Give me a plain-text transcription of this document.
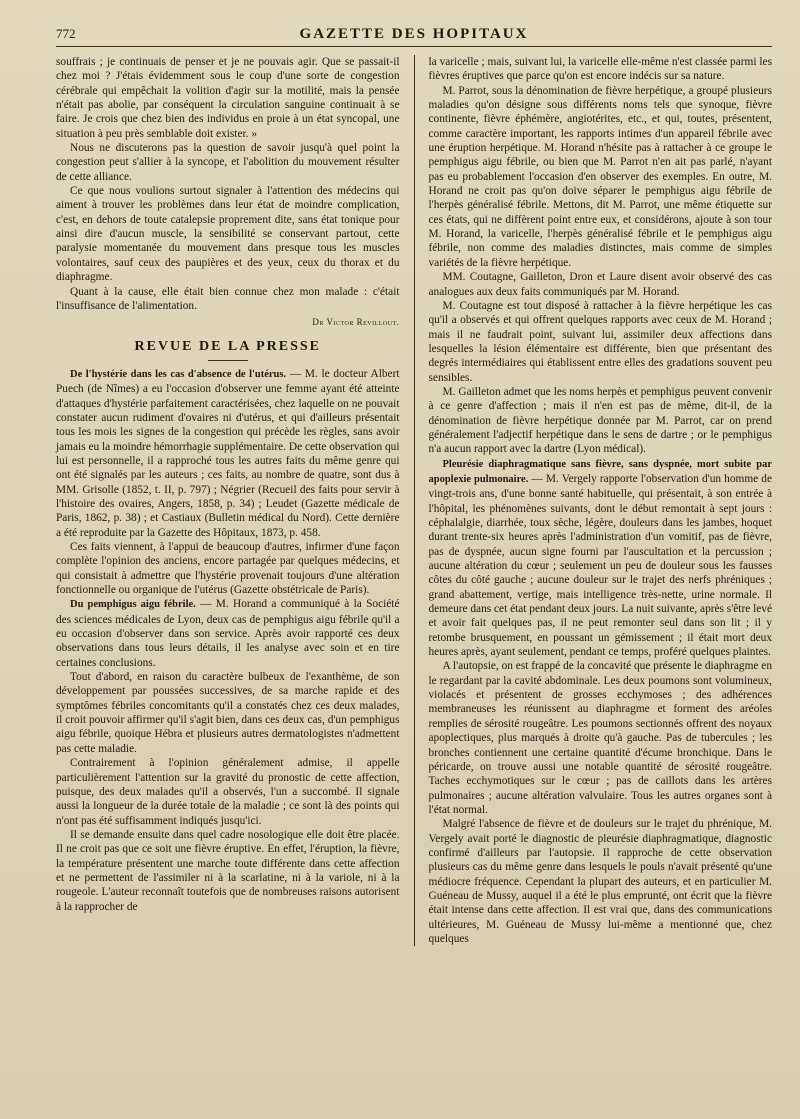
772	GAZETTE DES HOPITAUX

souffrais ; je continuais de penser et je ne pouvais agir. Que se passait-il chez moi ? J'étais évidemment sous le coup d'une sorte de congestion cérébrale qui empêchait la volition d'agir sur la motilité, mais la pensée n'était pas abolie, par conséquent la circulation sanguine continuait à se faire. Je crois que chez bien des individus en proie à un état syncopal, une situation à peu près semblable doit exister. »

Nous ne discuterons pas la question de savoir jusqu'à quel point la congestion peut s'allier à la syncope, et l'abolition du mouvement résulter de cette alliance.

Ce que nous voulions surtout signaler à l'attention des médecins qui aiment à trouver les problèmes dans leur état de moindre complication, c'est, en dehors de toute catalepsie proprement dite, sans état tonique pour ainsi dire d'aucun muscle, la sensibilité se conservant partout, cette paralysie momentanée du mouvement dans presque tous les muscles volontaires, sauf ceux des paupières et des yeux, ceux du thorax et du diaphragme.

Quant à la cause, elle était bien connue chez mon malade : c'était l'insuffisance de l'alimentation.

Dr Victor Revillout.
REVUE DE LA PRESSE

De l'hystérie dans les cas d'absence de l'utérus. — M. le docteur Albert Puech (de Nîmes) a eu l'occasion d'observer une femme ayant été atteinte d'attaques d'hystérie parfaitement caractérisées, chez laquelle on ne pouvait constater aucun rudiment d'ovaires ni d'utérus, et qui d'ailleurs présentait tous les mois les signes de la congestion qui précède les règles, sans avoir jamais eu la moindre hémorrhagie supplémentaire. De cette observation qui lui est personnelle, il a rapproché tous les autres faits du même genre qui ont été signalés par les auteurs ; ces faits, au nombre de quatre, sont dus à MM. Grisolle (1852, t. II, p. 797) ; Négrier (Recueil des faits pour servir à l'histoire des ovaires, Angers, 1858, p. 34) ; Leudet (Gazette médicale de Paris, 1862, p. 38) ; et Castiaux (Bulletin médical du Nord). Cette dernière a été reproduite par la Gazette des Hôpitaux, 1873, p. 458.

Ces faits viennent, à l'appui de beaucoup d'autres, infirmer d'une façon complète l'opinion des anciens, encore partagée par quelques médecins, et qui consistait à admettre que l'hystérie provenait toujours d'une altération fonctionnelle ou organique de l'utérus (Gazette obstétricale de Paris).

Du pemphigus aigu fébrile. — M. Horand a communiqué à la Société des sciences médicales de Lyon, deux cas de pemphigus aigu fébrile qu'il a eu occasion d'observer dans son service. Après avoir rapporté ces deux observations dans tous leurs détails, il les analyse avec soin et en tire certaines conclusions.

Tout d'abord, en raison du caractère bulbeux de l'exanthème, de son développement par poussées successives, de sa marche rapide et des symptômes fébriles concomitants qu'il a constatés chez ces deux malades, il croit pouvoir affirmer qu'il s'agit bien, dans ces deux cas, d'un pemphigus aigu fébrile, quoique Hébra et plusieurs autres dermatologistes n'admettent pas cette maladie.

Contrairement à l'opinion généralement admise, il appelle particulièrement l'attention sur la gravité du pronostic de cette affection, puisque, des deux malades qu'il a observés, l'un a succombé. Il signale aussi la longueur de la durée totale de la maladie ; ce sont là des points qui n'ont pas été suffisamment indiqués jusqu'ici.

Il se demande ensuite dans quel cadre nosologique elle doit être placée. Il ne croit pas que ce soit une fièvre éruptive. En effet, l'éruption, la fièvre, la température présentent une marche toute différente dans cette affection et ne permettent de l'assimiler ni à la scarlatine, ni à la variole, ni à la rougeole. L'auteur reconnaît toutefois que de nombreuses raisons autorisent à la rapprocher de

la varicelle ; mais, suivant lui, la varicelle elle-même n'est classée parmi les fièvres éruptives que parce qu'on est encore indécis sur sa nature.

M. Parrot, sous la dénomination de fièvre herpétique, a groupé plusieurs maladies qu'on désigne sous différents noms tels que synoque, fièvre continente, fièvre éphémère, angiotérites, etc., et qui, toutes, présentent, comme caractère important, les rapports intimes d'un appareil fébrile avec une éruption herpétique. M. Horand n'hésite pas à rattacher à ce groupe le pemphigus aigu fébrile, ou bien que M. Parrot n'en ait pas parlé, n'ayant pas eu probablement l'occasion d'en observer des exemples. En outre, M. Horand ne croit pas qu'on doive séparer le pemphigus aigu fébrile de l'herpès généralisé fébrile. Mettons, dit M. Parrot, une même étiquette sur ces états, qui ne diffèrent point entre eux, et considérons, ajoute à son tour M. Horand, la varicelle, l'herpès généralisé fébrile et le pemphigus aigu fébrile, non comme des maladies distinctes, mais comme de simples variétés de la fièvre herpétique.

MM. Coutagne, Gailleton, Dron et Laure disent avoir observé des cas analogues aux deux faits communiqués par M. Horand.

M. Coutagne est tout disposé à rattacher à la fièvre herpétique les cas qu'il a observés et qui offrent quelques rapports avec ceux de M. Horand ; mais il ne faudrait point, suivant lui, assimiler deux affections dans lesquelles la lésion élémentaire est différente, bien que présentant des degrés intermédiaires qui établissent entre elles des gradations souvent peu sensibles.

M. Gailleton admet que les noms herpès et pemphigus peuvent convenir à ce genre d'affection ; mais il n'en est pas de même, dit-il, de la dénomination de fièvre herpétique donnée par M. Parrot, car on prend généralement l'adjectif herpétique dans le sens de dartre ; or le pemphigus n'a aucun rapport avec la dartre (Lyon médical).

Pleurésie diaphragmatique sans fièvre, sans dyspnée, mort subite par apoplexie pulmonaire. — M. Vergely rapporte l'observation d'un homme de vingt-trois ans, d'une bonne santé habituelle, qui présentait, à son entrée à l'hôpital, les phénomènes suivants, dont le début remontait à sept jours : céphalalgie, diarrhée, toux sèche, légère, douleurs dans les jambes, hoquet durant trente-six heures après l'administration d'un vomitif, pas de fièvre, pas de dyspnée, aucun signe fourni par l'auscultation et la percussion ; aucune altération du cœur ; seulement un peu de douleur sous les fausses côtes du côté gauche ; aucune douleur sur le trajet des nerfs phréniques ; grand abattement, vertige, mais intelligence très-nette, urine normale. Il demeure dans cet état pendant deux jours. La nuit suivante, après s'être levé et avoir fait quelques pas, il ne peut remonter seul dans son lit ; il y retombe brusquement, en poussant un gémissement ; il était mort deux heures après, ayant seulement, pendant ce temps, proféré quelques plaintes.

A l'autopsie, on est frappé de la concavité que présente le diaphragme en le regardant par la cavité abdominale. Les deux poumons sont volumineux, violacés et présentent de grosses ecchymoses ; des adhérences membraneuses les réunissent au diaphragme et forment des aréoles remplies de sérosité rougeâtre. Les poumons sectionnés offrent des noyaux apoplectiques, plus marqués à droite qu'à gauche. Pas de tubercules ; les bronches contiennent une certaine quantité d'écume bronchique. Dans le péricarde, on trouve aussi une notable quantité de sérosité rougeâtre. Taches ecchymotiques sur le cœur ; pas de caillots dans les artères pulmonaires ; aucune altération valvulaire. Tous les autres organes sont à l'état normal.

Malgré l'absence de fièvre et de douleurs sur le trajet du phrénique, M. Vergely avait porté le diagnostic de pleurésie diaphragmatique, diagnostic confirmé d'ailleurs par l'autopsie. Il rapproche de cette observation plusieurs cas du même genre dans lesquels le pouls n'avait présenté qu'une médiocre fréquence. Cependant la plupart des auteurs, et en particulier M. Guéneau de Mussy, auquel il a été le plus emprunté, ont écrit que la fièvre était intense dans cette affection. Il est vrai que, dans des communications ultérieures, M. Guéneau de Mussy lui-même a mentionné que, chez quelques
